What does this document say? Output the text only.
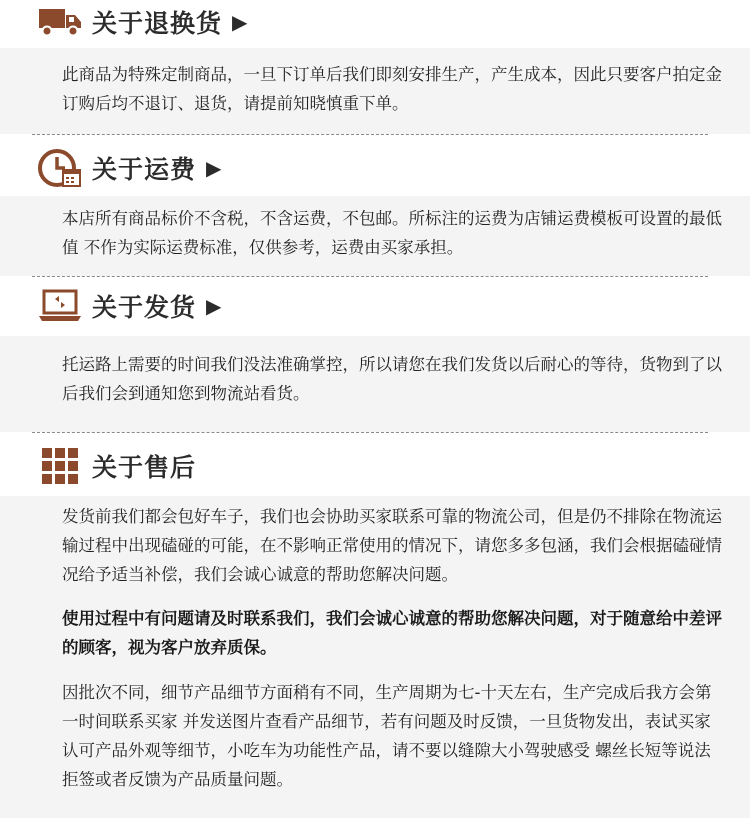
关于退换货 ▶
此商品为特殊定制商品，一旦下订单后我们即刻安排生产，产生成本，因此只要客户拍定金订购后均不退订、退货，请提前知晓慎重下单。
关于运费 ▶
本店所有商品标价不含税，不含运费，不包邮。所标注的运费为店铺运费模板可设置的最低值 不作为实际运费标准，仅供参考，运费由买家承担。
关于发货 ▶
托运路上需要的时间我们没法准确掌控，所以请您在我们发货以后耐心的等待，货物到了以后我们会到通知您到物流站看货。
关于售后
发货前我们都会包好车子，我们也会协助买家联系可靠的物流公司，但是仍不排除在物流运输过程中出现磕碰的可能，在不影响正常使用的情况下，请您多多包涵，我们会根据磕碰情况给予适当补偿，我们会诚心诚意的帮助您解决问题。
使用过程中有问题请及时联系我们，我们会诚心诚意的帮助您解决问题，对于随意给中差评的顾客，视为客户放弃质保。
因批次不同，细节产品细节方面稍有不同，生产周期为七-十天左右，生产完成后我方会第一时间联系买家 并发送图片查看产品细节，若有问题及时反馈，一旦货物发出，表试买家认可产品外观等细节，小吃车为功能性产品，请不要以缝隙大小驾驶感受 螺丝长短等说法拒签或者反馈为产品质量问题。
